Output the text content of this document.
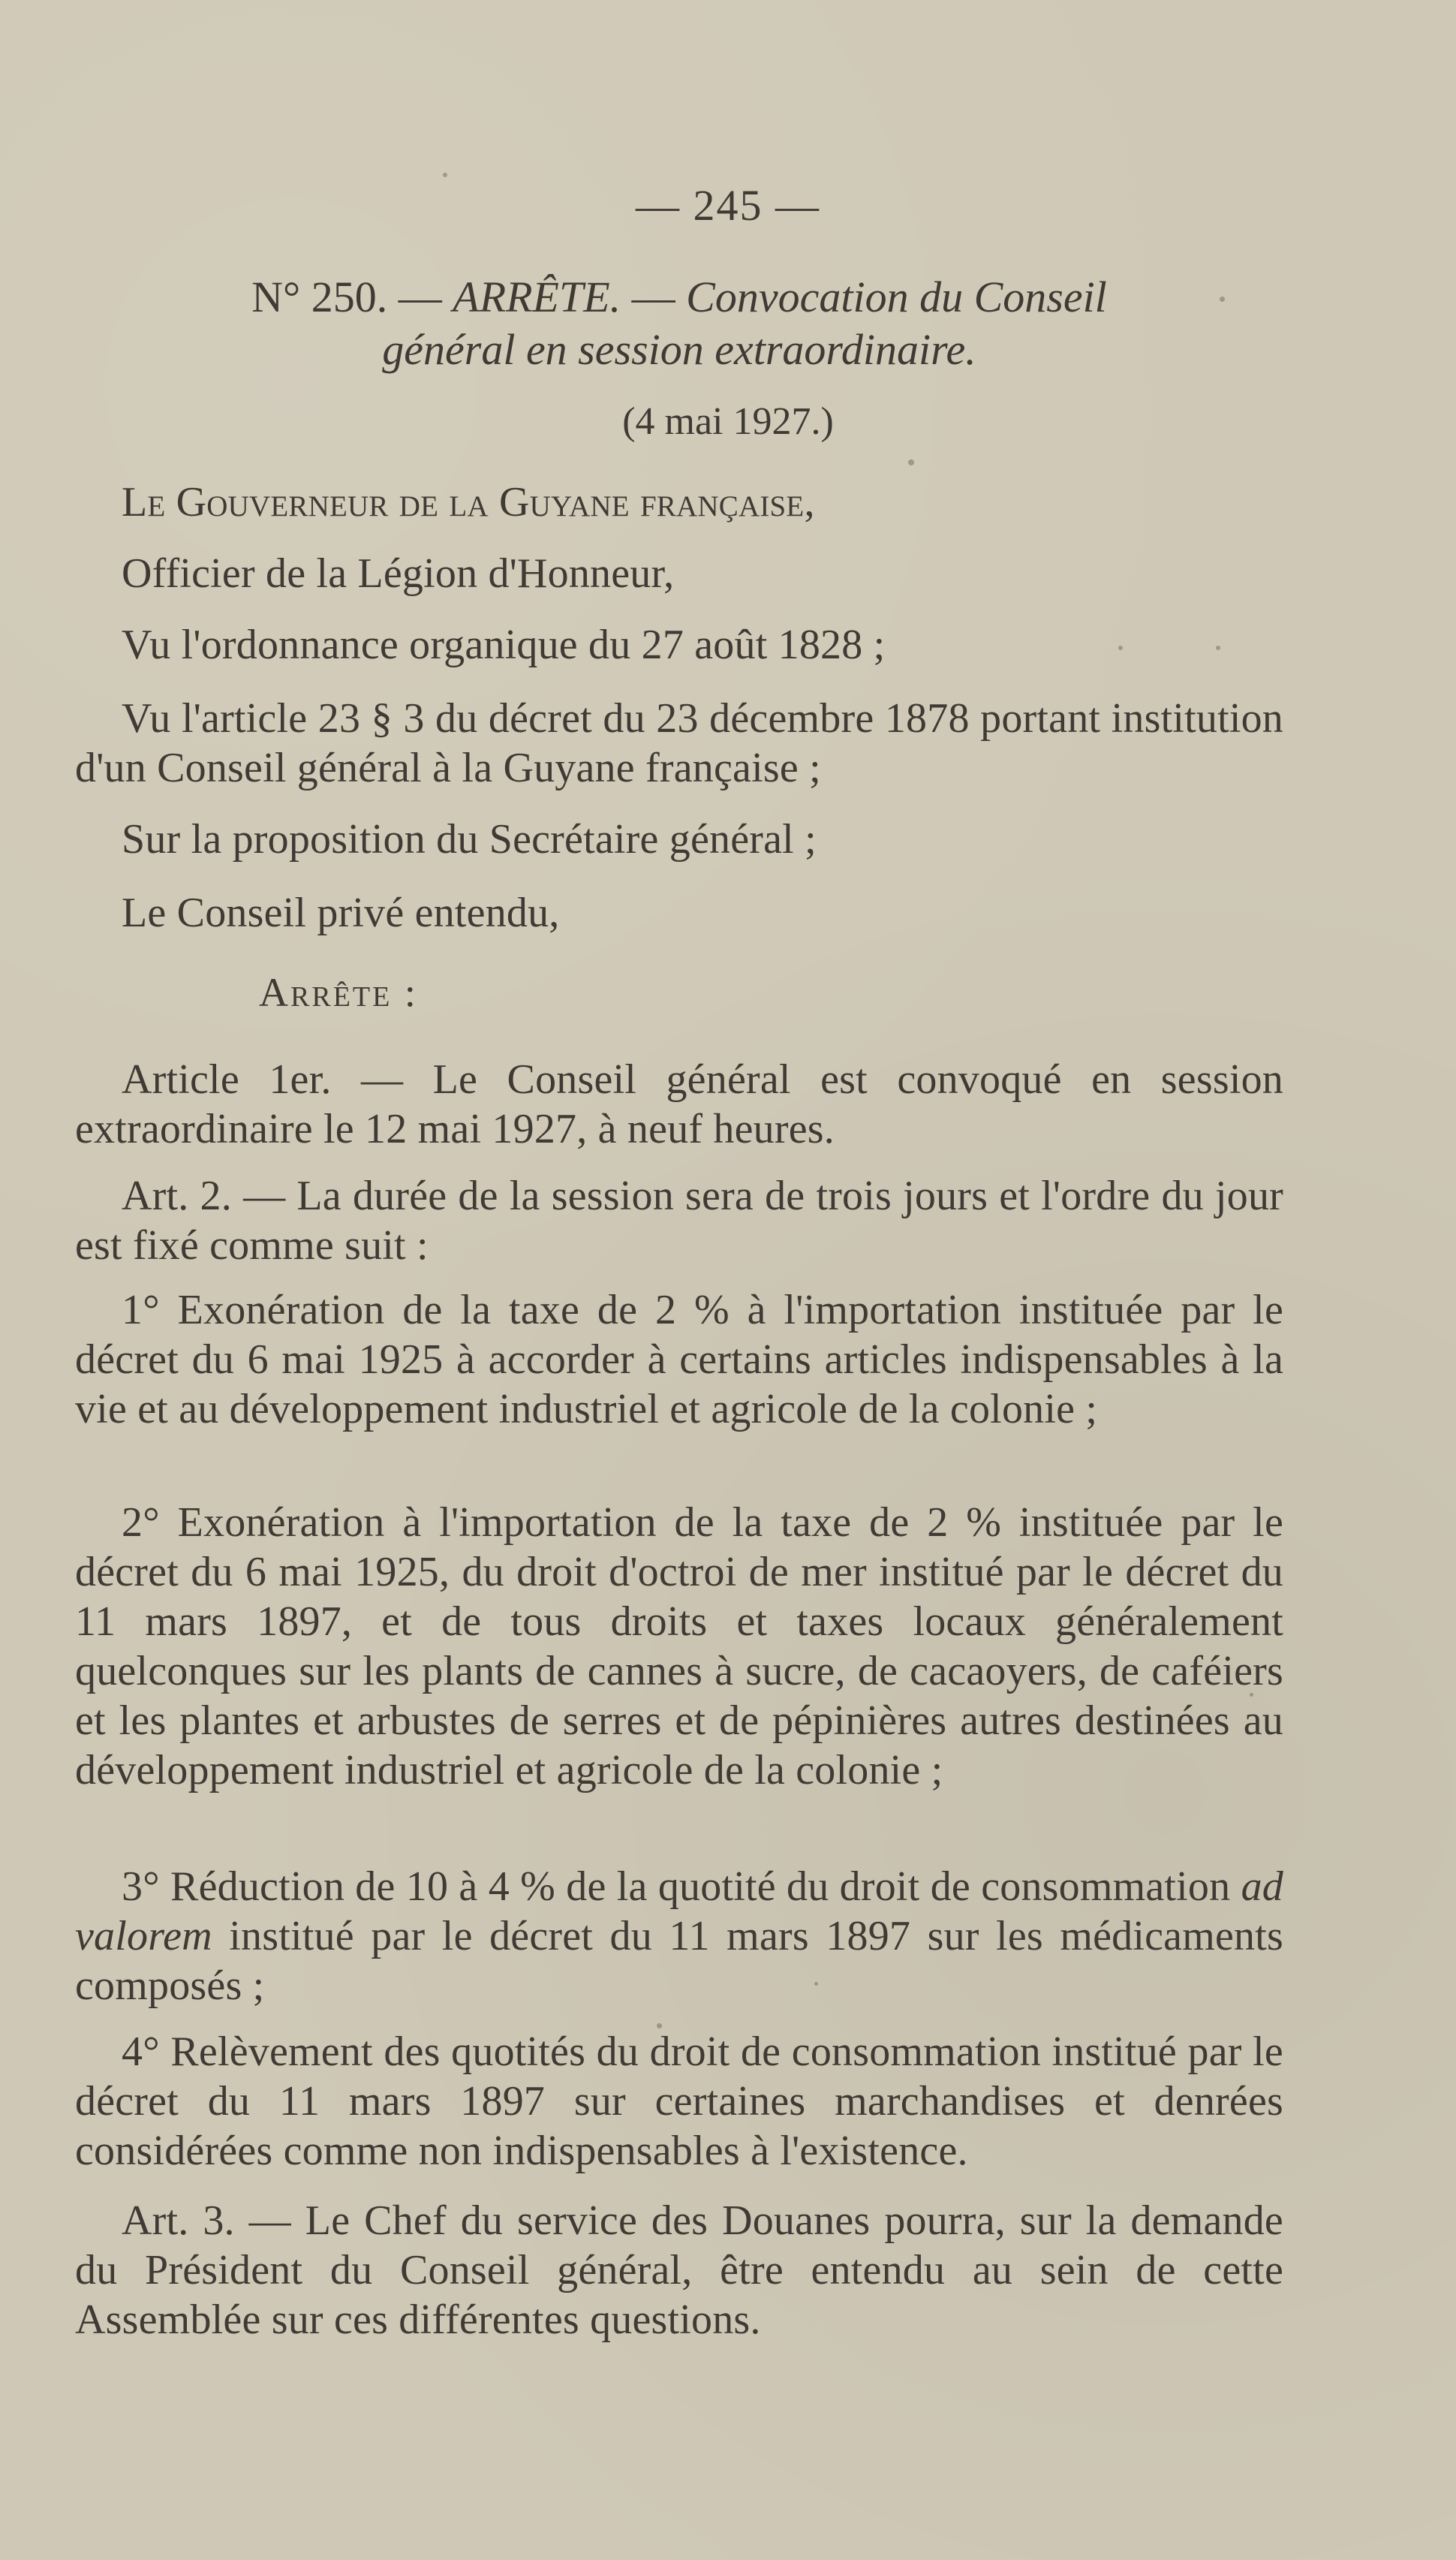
— 245 —
N° 250. — ARRÊTE. — Convocation du Conseil
général en session extraordinaire.
(4 mai 1927.)
Le Gouverneur de la Guyane française,
Officier de la Légion d'Honneur,
Vu l'ordonnance organique du 27 août 1828 ;
Vu l'article 23 § 3 du décret du 23 décembre 1878 portant institution d'un Conseil général à la Guyane française ;
Sur la proposition du Secrétaire général ;
Le Conseil privé entendu,
Arrête :
Article 1er. — Le Conseil général est convoqué en session extraordinaire le 12 mai 1927, à neuf heures.
Art. 2. — La durée de la session sera de trois jours et l'ordre du jour est fixé comme suit :
1° Exonération de la taxe de 2 % à l'importation instituée par le décret du 6 mai 1925 à accorder à certains articles indispensables à la vie et au développement industriel et agricole de la colonie ;
2° Exonération à l'importation de la taxe de 2 % instituée par le décret du 6 mai 1925, du droit d'octroi de mer institué par le décret du 11 mars 1897, et de tous droits et taxes locaux généralement quelconques sur les plants de cannes à sucre, de cacaoyers, de caféiers et les plantes et arbustes de serres et de pépinières autres destinées au développement industriel et agricole de la colonie ;
3° Réduction de 10 à 4 % de la quotité du droit de consommation ad valorem institué par le décret du 11 mars 1897 sur les médicaments composés ;
4° Relèvement des quotités du droit de consommation institué par le décret du 11 mars 1897 sur certaines marchandises et denrées considérées comme non indispensables à l'existence.
Art. 3. — Le Chef du service des Douanes pourra, sur la demande du Président du Conseil général, être entendu au sein de cette Assemblée sur ces différentes questions.
